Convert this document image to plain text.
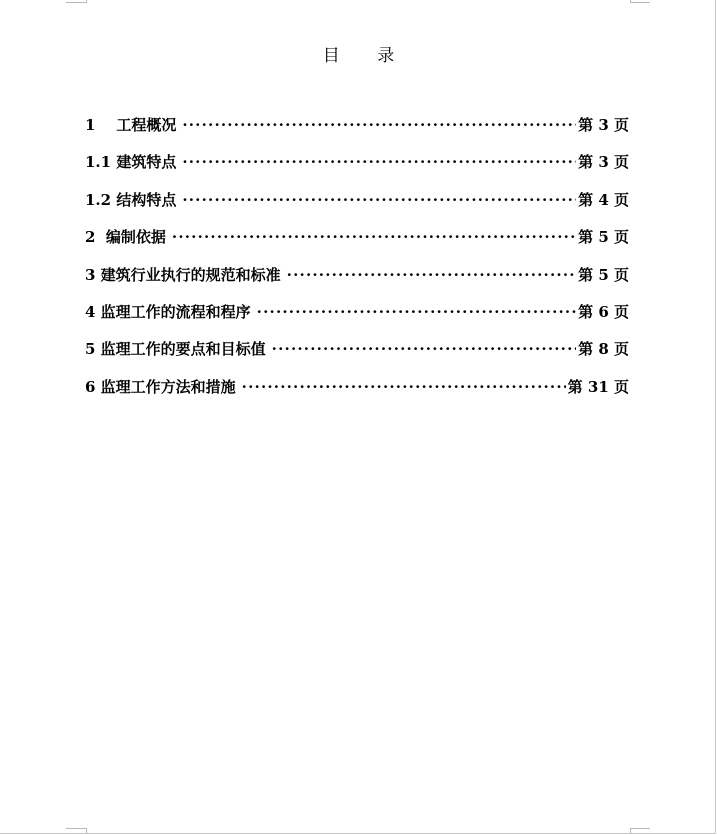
目 录
1    工程概况 ·····	第 3 页
1.1 建筑特点 ·····	第 3 页
1.2 结构特点 ·····	第 4 页
2  编制依据 ·····	第 5 页
3 建筑行业执行的规范和标准 ·····	第 5 页
4 监理工作的流程和程序 ·····	第 6 页
5 监理工作的要点和目标值 ·····	第 8 页
6 监理工作方法和措施 ·····	第 31 页
